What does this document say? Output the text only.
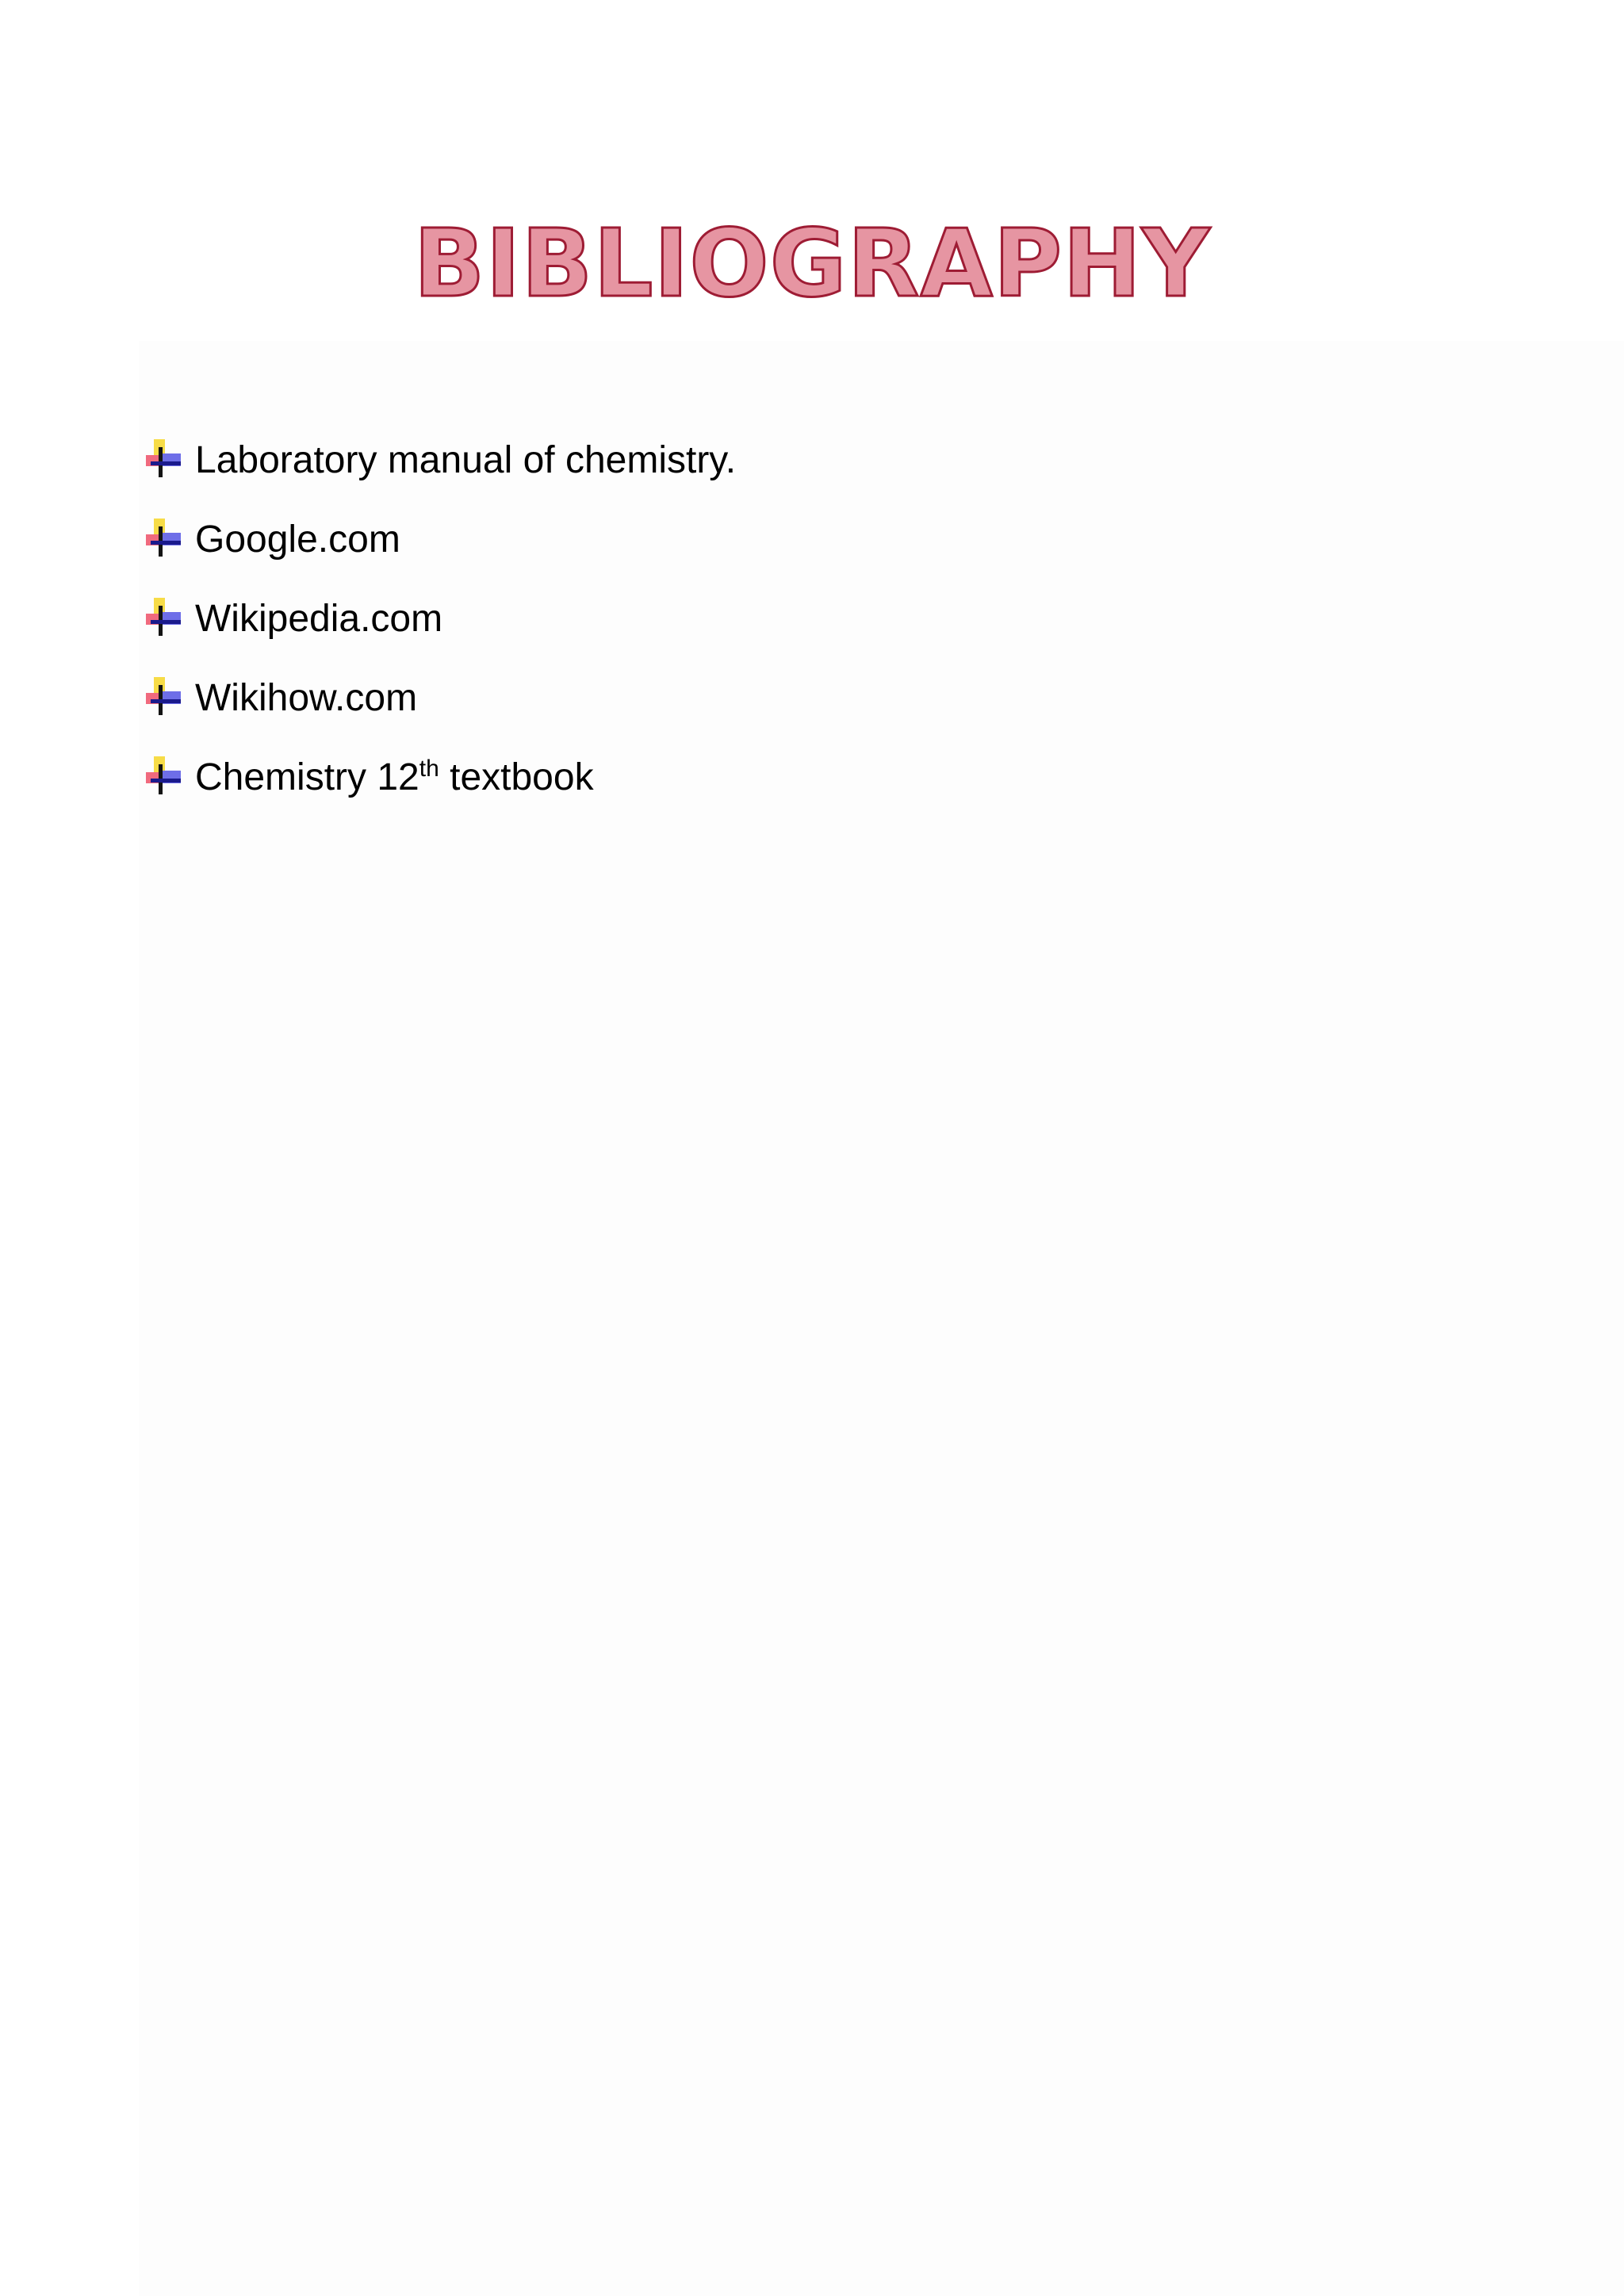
BIBLIOGRAPHY
Laboratory manual of chemistry.
Google.com
Wikipedia.com
Wikihow.com
Chemistry 12th textbook
